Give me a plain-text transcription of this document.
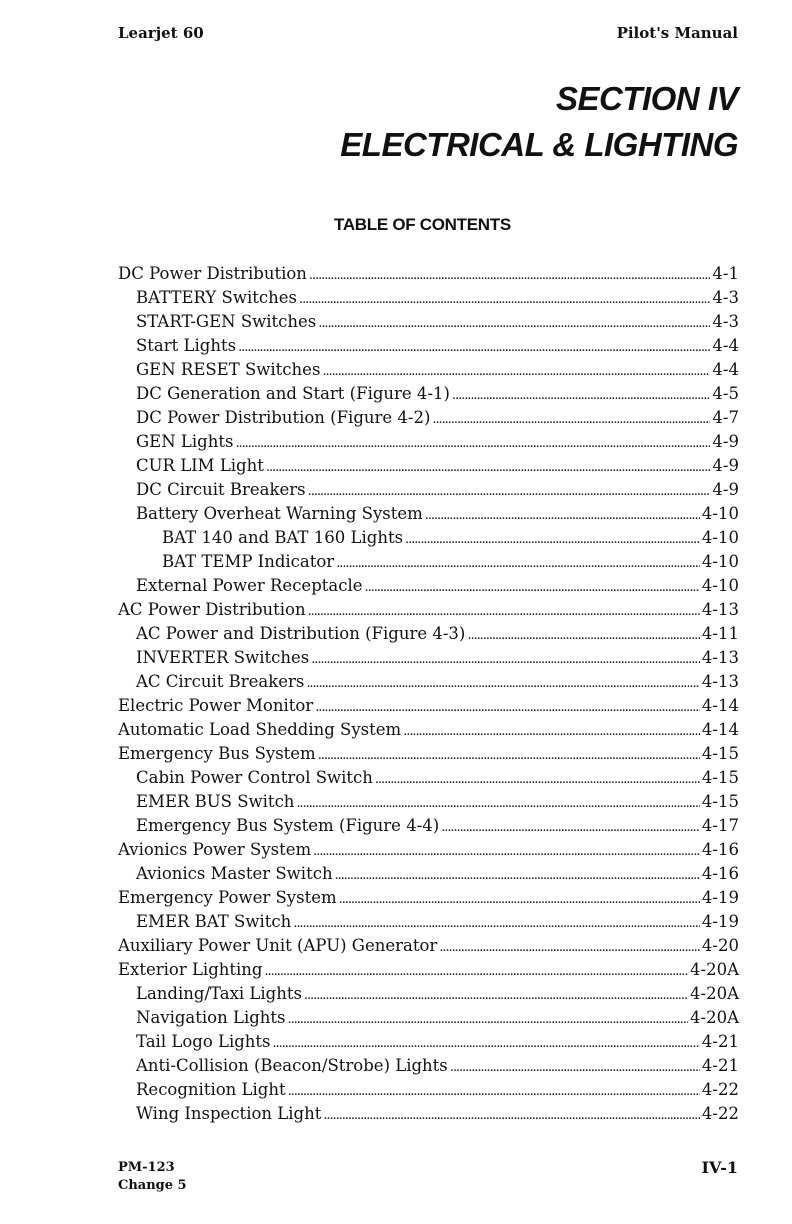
Learjet 60	Pilot's Manual
SECTION IV
ELECTRICAL & LIGHTING
TABLE OF CONTENTS
DC Power Distribution . . .	4-1
BATTERY Switches . . .	4-3
START-GEN Switches . . .	4-3
Start Lights . . .	4-4
GEN RESET Switches . . .	4-4
DC Generation and Start (Figure 4-1) . . .	4-5
DC Power Distribution (Figure 4-2) . . .	4-7
GEN Lights . . .	4-9
CUR LIM Light . . .	4-9
DC Circuit Breakers . . .	4-9
Battery Overheat Warning System . . .	4-10
BAT 140 and BAT 160 Lights . . .	4-10
BAT TEMP Indicator . . .	4-10
External Power Receptacle . . .	4-10
AC Power Distribution . . .	4-13
AC Power and Distribution (Figure 4-3) . . .	4-11
INVERTER Switches . . .	4-13
AC Circuit Breakers . . .	4-13
Electric Power Monitor . . .	4-14
Automatic Load Shedding System . . .	4-14
Emergency Bus System . . .	4-15
Cabin Power Control Switch . . .	4-15
EMER BUS Switch . . .	4-15
Emergency Bus System (Figure 4-4) . . .	4-17
Avionics Power System . . .	4-16
Avionics Master Switch . . .	4-16
Emergency Power System . . .	4-19
EMER BAT Switch . . .	4-19
Auxiliary Power Unit (APU) Generator . . .	4-20
Exterior Lighting . . .	4-20A
Landing/Taxi Lights . . .	4-20A
Navigation Lights . . .	4-20A
Tail Logo Lights . . .	4-21
Anti-Collision (Beacon/Strobe) Lights . . .	4-21
Recognition Light . . .	4-22
Wing Inspection Light . . .	4-22
PM-123
Change 5
IV-1
